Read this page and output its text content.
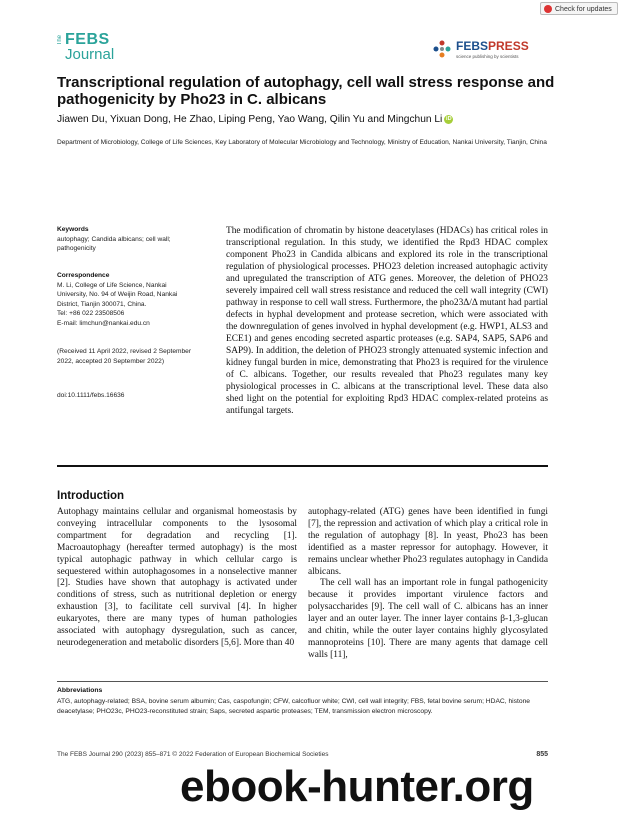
Check for updates
The FEBS
Journal	FEBSPRESS
science publishing by scientists
Transcriptional regulation of autophagy, cell wall stress response and pathogenicity by Pho23 in C. albicans
Jiawen Du, Yixuan Dong, He Zhao, Liping Peng, Yao Wang, Qilin Yu and Mingchun Li iD
Department of Microbiology, College of Life Sciences, Key Laboratory of Molecular Microbiology and Technology, Ministry of Education, Nankai University, Tianjin, China
Keywords
autophagy; Candida albicans; cell wall; pathogenicity
Correspondence
M. Li, College of Life Science, Nankai
University, No. 94 of Weijin Road, Nankai
District, Tianjin 300071, China.
Tel: +86 022 23508506
E-mail: limchun@nankai.edu.cn
(Received 11 April 2022, revised 2 September 2022, accepted 20 September 2022)
doi:10.1111/febs.16636
The modification of chromatin by histone deacetylases (HDACs) has critical roles in transcriptional regulation. In this study, we identified the Rpd3 HDAC complex component Pho23 in Candida albicans and explored its role in the transcriptional regulation of physiological processes. PHO23 deletion increased autophagic activity and upregulated the transcription of ATG genes. Moreover, the deletion of PHO23 severely impaired cell wall stress resistance and reduced the cell wall integrity (CWI) pathway in response to cell wall stress. Furthermore, the pho23Δ/Δ mutant had partial defects in hyphal development and protease secretion, which were associated with the downregulation of genes involved in hyphal development (e.g. HWP1, ALS3 and ECE1) and genes encoding secreted aspartic proteases (e.g. SAP4, SAP5, SAP6 and SAP9). In addition, the deletion of PHO23 strongly attenuated systemic infection and kidney fungal burden in mice, demonstrating that Pho23 is required for the virulence of C. albicans. Together, our results revealed that Pho23 regulates many key physiological processes in C. albicans at the transcriptional level. These data also shed light on the potential for exploiting Rpd3 HDAC complex-related proteins as antifungal targets.
Introduction

Autophagy maintains cellular and organismal homeostasis by conveying intracellular components to the lysosomal compartment for degradation and recycling [1]. Macroautophagy (hereafter termed autophagy) is the most typical autophagic pathway in which cellular cargo is sequestered within autophagosomes in a nonselective manner [2]. Studies have shown that autophagy is activated under conditions of stress, such as nutritional depletion or energy exhaustion [3], to facilitate cell survival [4]. In higher eukaryotes, there are many types of human pathologies associated with autophagy dysregulation, such as cancer, neurodegeneration and metabolic disorders [5,6]. More than 40

autophagy-related (ATG) genes have been identified in fungi [7], the repression and activation of which play a critical role in the regulation of autophagy [8]. In yeast, Pho23 has been identified as a master repressor for autophagy. However, it remains unclear whether Pho23 regulates autophagy in Candida albicans.

The cell wall has an important role in fungal pathogenicity because it provides important virulence factors and polysaccharides [9]. The cell wall of C. albicans has an inner layer and an outer layer. The inner layer contains β-1,3-glucan and chitin, while the outer layer contains highly glycosylated mannoproteins [10]. There are many agents that damage cell walls [11],

Abbreviations
ATG, autophagy-related; BSA, bovine serum albumin; Cas, caspofungin; CFW, calcofluor white; CWI, cell wall integrity; FBS, fetal bovine serum; HDAC, histone deacetylase; PHO23c, PHO23-reconstituted strain; Saps, secreted aspartic proteases; TEM, transmission electron microscopy.
The FEBS Journal 290 (2023) 855–871 © 2022 Federation of European Biochemical Societies	855
ebook-hunter.org
